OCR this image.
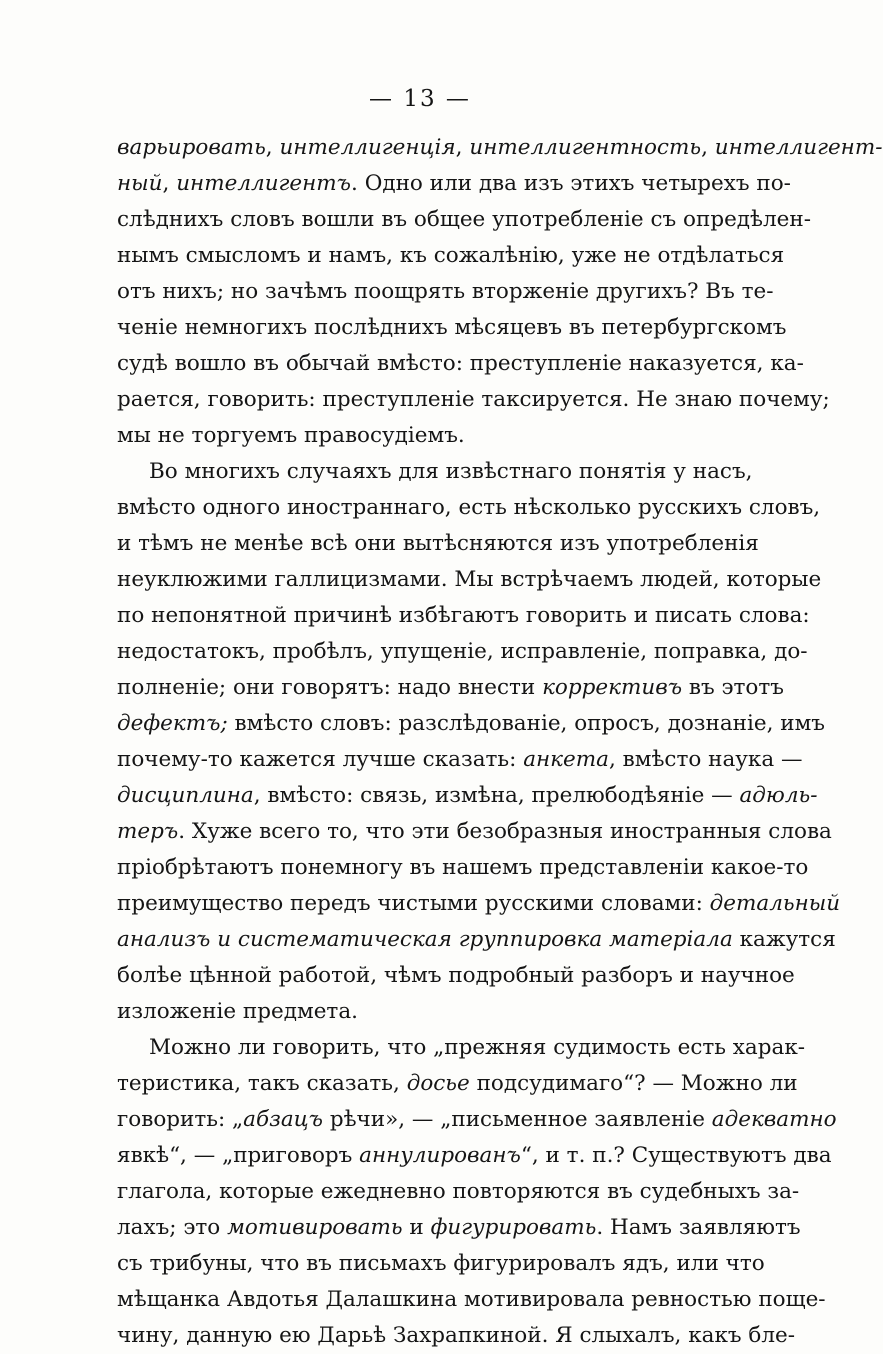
— 13 —
варьировать, интеллигенція, интеллигентность, интеллигент-
ный, интеллигентъ. Одно или два изъ этихъ четырехъ по-
слѣднихъ словъ вошли въ общее употребленіе съ опредѣлен-
нымъ смысломъ и намъ, къ сожалѣнію, уже не отдѣлаться
отъ нихъ; но зачѣмъ поощрять вторженіе другихъ? Въ те-
ченіе немногихъ послѣднихъ мѣсяцевъ въ петербургскомъ
судѣ вошло въ обычай вмѣсто: преступленіе наказуется, ка-
рается, говорить: преступленіе таксируется. Не знаю почему;
мы не торгуемъ правосудіемъ.
Во многихъ случаяхъ для извѣстнаго понятія у насъ,
вмѣсто одного иностраннаго, есть нѣсколько русскихъ словъ,
и тѣмъ не менѣе всѣ они вытѣсняются изъ употребленія
неуклюжими галлицизмами. Мы встрѣчаемъ людей, которые
по непонятной причинѣ избѣгаютъ говорить и писать слова:
недостатокъ, пробѣлъ, упущеніе, исправленіе, поправка, до-
полненіе; они говорятъ: надо внести коррективъ въ этотъ
дефектъ; вмѣсто словъ: разслѣдованіе, опросъ, дознаніе, имъ
почему-то кажется лучше сказать: анкета, вмѣсто наука —
дисциплина, вмѣсто: связь, измѣна, прелюбодѣяніе — адюль-
теръ. Хуже всего то, что эти безобразныя иностранныя слова
пріобрѣтаютъ понемногу въ нашемъ представленіи какое-то
преимущество передъ чистыми русскими словами: детальный
анализъ и систематическая группировка матеріала кажутся
болѣе цѣнной работой, чѣмъ подробный разборъ и научное
изложеніе предмета.
Можно ли говорить, что „прежняя судимость есть харак-
теристика, такъ сказать, досье подсудимаго“? — Можно ли
говорить: „абзацъ рѣчи», — „письменное заявленіе адекватно
явкѣ“, — „приговоръ аннулированъ“, и т. п.? Существуютъ два
глагола, которые ежедневно повторяются въ судебныхъ за-
лахъ; это мотивировать и фигурировать. Намъ заявляютъ
съ трибуны, что въ письмахъ фигурировалъ ядъ, или что
мѣщанка Авдотья Далашкина мотивировала ревностью поще-
чину, данную ею Дарьѣ Захрапкиной. Я слыхалъ, какъ бле-
